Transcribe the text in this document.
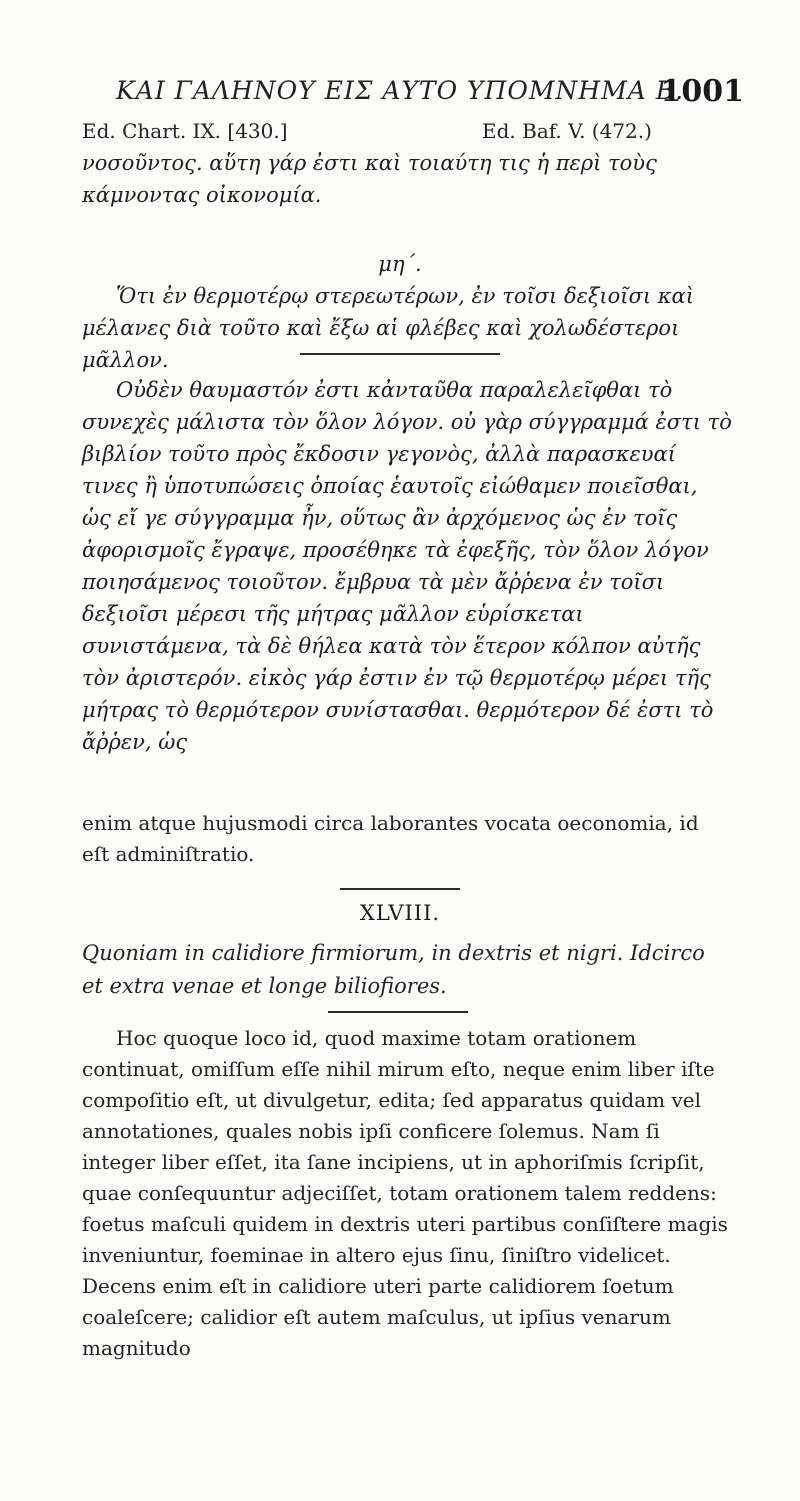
ΚΑΙ ΓΑΛΗΝΟΥ ΕΙΣ ΑΥΤΟ ΥΠΟΜΝΗΜΑ Β.
1001
Ed. Chart. IX. [430.]	Ed. Baf. V. (472.)

νοσοῦντος. αὕτη γάρ ἐστι καὶ τοιαύτη τις ἡ περὶ τοὺς κάμνοντας οἰκονομία.

μη΄.

Ὅτι ἐν θερμοτέρῳ στερεωτέρων, ἐν τοῖσι δεξιοῖσι καὶ μέλανες διὰ τοῦτο καὶ ἔξω αἱ φλέβες καὶ χολωδέστεροι μᾶλλον.

Οὐδὲν θαυμαστόν ἐστι κἀνταῦθα παραλελεῖφθαι τὸ συνεχὲς μάλιστα τὸν ὅλον λόγον. οὐ γὰρ σύγγραμμά ἐστι τὸ βιβλίον τοῦτο πρὸς ἔκδοσιν γεγονὸς, ἀλλὰ παρασκευαί τινες ἢ ὑποτυπώσεις ὁποίας ἑαυτοῖς εἰώθαμεν ποιεῖσθαι, ὡς εἴ γε σύγγραμμα ἦν, οὕτως ἂν ἀρχόμενος ὡς ἐν τοῖς ἀφορισμοῖς ἔγραψε, προσέθηκε τὰ ἐφεξῆς, τὸν ὅλον λόγον ποιησάμενος τοιοῦτον. ἔμβρυα τὰ μὲν ἄῤῥενα ἐν τοῖσι δεξιοῖσι μέρεσι τῆς μήτρας μᾶλλον εὑρίσκεται συνιστάμενα, τὰ δὲ θήλεα κατὰ τὸν ἕτερον κόλπον αὐτῆς τὸν ἀριστερόν. εἰκὸς γάρ ἐστιν ἐν τῷ θερμοτέρῳ μέρει τῆς μήτρας τὸ θερμότερον συνίστασθαι. θερμότερον δέ ἐστι τὸ ἄῤῥεν, ὡς

enim atque hujusmodi circa laborantes vocata oeconomia, id eſt adminiſtratio.

XLVIII.

Quoniam in calidiore firmiorum, in dextris et nigri. Idcirco et extra venae et longe biliofiores.

Hoc quoque loco id, quod maxime totam orationem continuat, omiſſum eſſe nihil mirum eſto, neque enim liber iſte compoſitio eſt, ut divulgetur, edita; ſed apparatus quidam vel annotationes, quales nobis ipſi conficere ſolemus. Nam ſi integer liber eſſet, ita ſane incipiens, ut in aphoriſmis ſcripſit, quae conſequuntur adjeciſſet, totam orationem talem reddens: foetus maſculi quidem in dextris uteri partibus conſiſtere magis inveniuntur, foeminae in altero ejus ſinu, ſiniſtro videlicet. Decens enim eſt in calidiore uteri parte calidiorem ſoetum coaleſcere; calidior eſt autem maſculus, ut ipſius venarum magnitudo
